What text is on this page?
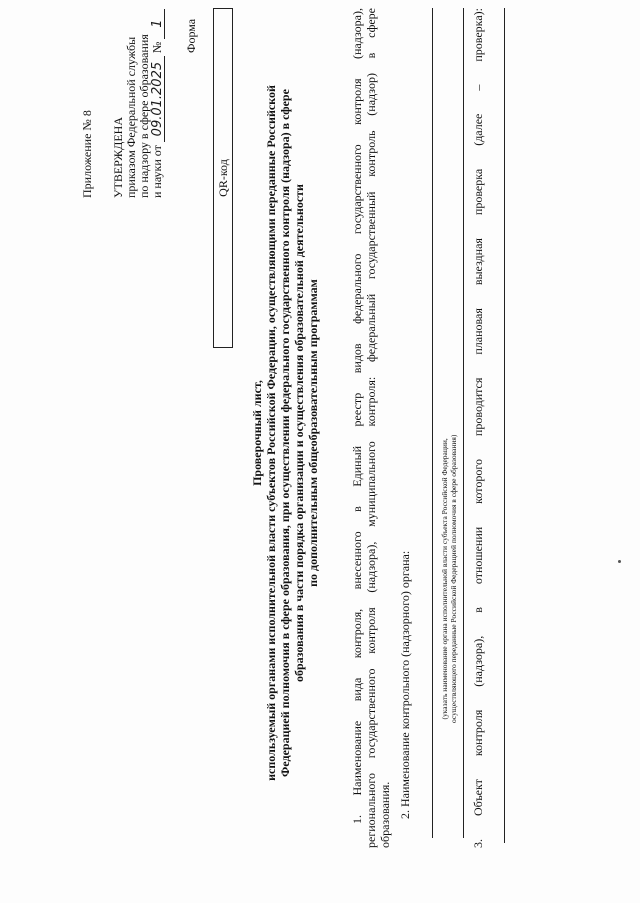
Приложение № 8 УТВЕРЖДЕНА приказом Федеральной службы по надзору в сфере образования и науки от 09.01.2025 № 1 Форма
QR-код
Проверочный лист, используемый органами исполнительной власти субъектов Российской Федерации, осуществляющими переданные Российской Федерацией полномочия в сфере образования, при осуществлении федерального государственного контроля (надзора) в сфере образования в части порядка организации и осуществления образовательной деятельности по дополнительным общеобразовательным программам	1. Наименование вида контроля, внесенного в Единый реестр видов федерального государственного контроля (надзора), регионального государственного контроля (надзора), муниципального контроля: федеральный государственный контроль (надзор) в сфере образования. 2. Наименование контрольного (надзорного) органа:	(указать наименование органа исполнительной власти субъекта Российской Федерации, осуществляющего переданные Российской Федерацией полномочия в сфере образования) 3. Объект контроля (надзора), в отношении которого проводится плановая выездная проверка (далее – проверка):
